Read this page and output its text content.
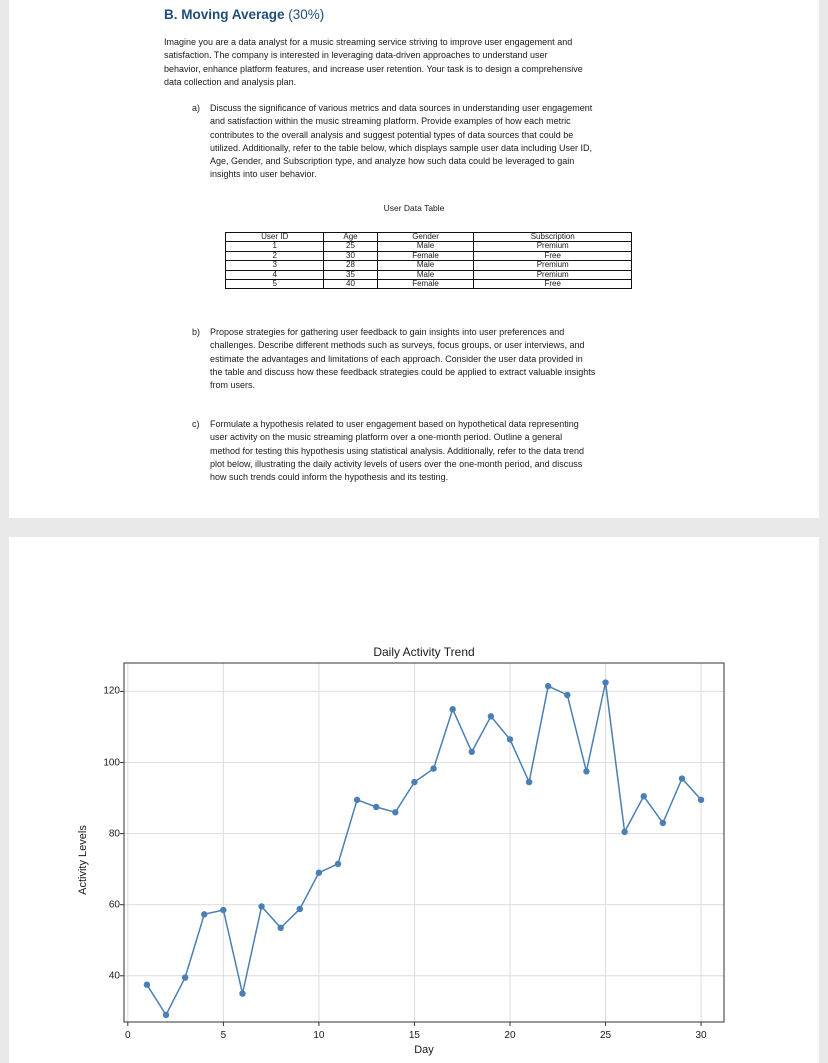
B. Moving Average (30%)
Imagine you are a data analyst for a music streaming service striving to improve user engagement and
satisfaction. The company is interested in leveraging data-driven approaches to understand user
behavior, enhance platform features, and increase user retention. Your task is to design a comprehensive
data collection and analysis plan.
a) Discuss the significance of various metrics and data sources in understanding user engagement
and satisfaction within the music streaming platform. Provide examples of how each metric
contributes to the overall analysis and suggest potential types of data sources that could be
utilized. Additionally, refer to the table below, which displays sample user data including User ID,
Age, Gender, and Subscription type, and analyze how such data could be leveraged to gain
insights into user behavior.
User Data Table
User ID	Age	Gender	Subscription
1	25	Male	Premium
2	30	Female	Free
3	28	Male	Premium
4	35	Male	Premium
5	40	Female	Free
b) Propose strategies for gathering user feedback to gain insights into user preferences and
challenges. Describe different methods such as surveys, focus groups, or user interviews, and
estimate the advantages and limitations of each approach. Consider the user data provided in
the table and discuss how these feedback strategies could be applied to extract valuable insights
from users.
c) Formulate a hypothesis related to user engagement based on hypothetical data representing
user activity on the music streaming platform over a one-month period. Outline a general
method for testing this hypothesis using statistical analysis. Additionally, refer to the data trend
plot below, illustrating the daily activity levels of users over the one-month period, and discuss
how such trends could inform the hypothesis and its testing.
Daily Activity Trend
Activity Levels
Day
40
60
80
100
120
0	5	10	15	20	25	30
